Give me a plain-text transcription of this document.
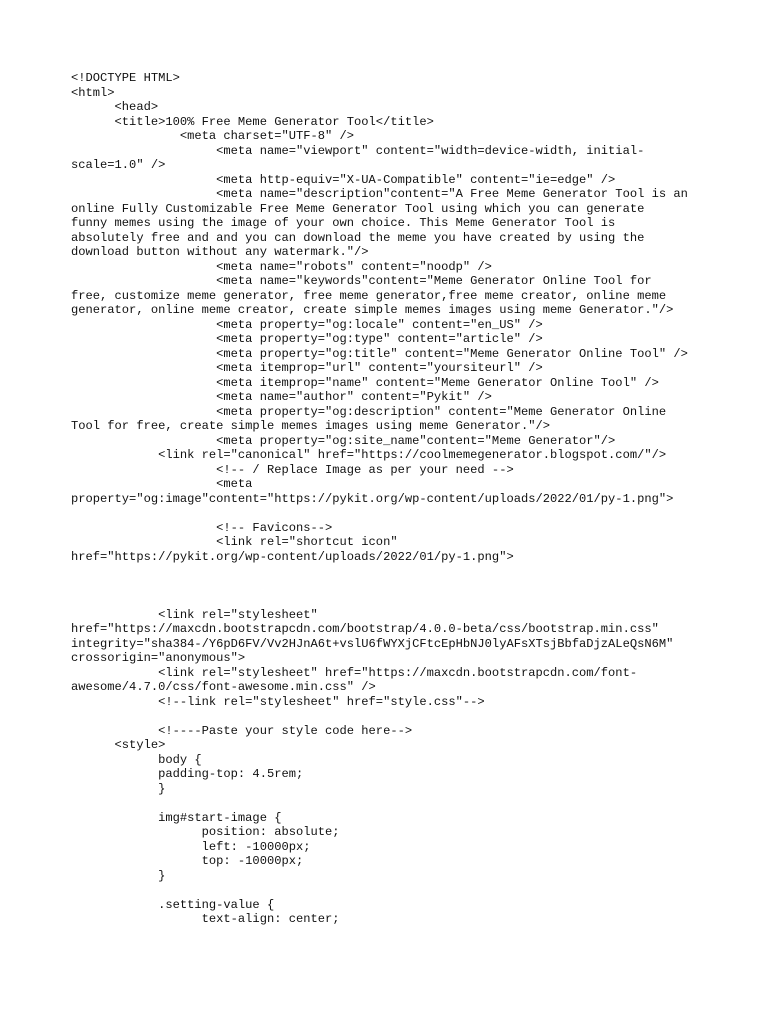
<!DOCTYPE HTML>
<html>
<head>
<title>100% Free Meme Generator Tool</title>
<meta charset="UTF-8" />
<meta name="viewport" content="width=device-width, initial-
scale=1.0" />
<meta http-equiv="X-UA-Compatible" content="ie=edge" />
<meta name="description"content="A Free Meme Generator Tool is an
online Fully Customizable Free Meme Generator Tool using which you can generate
funny memes using the image of your own choice. This Meme Generator Tool is
absolutely free and and you can download the meme you have created by using the
download button without any watermark."/>
<meta name="robots" content="noodp" />
<meta name="keywords"content="Meme Generator Online Tool for
free, customize meme generator, free meme generator,free meme creator, online meme
generator, online meme creator, create simple memes images using meme Generator."/>
<meta property="og:locale" content="en_US" />
<meta property="og:type" content="article" />
<meta property="og:title" content="Meme Generator Online Tool" />
<meta itemprop="url" content="yoursiteurl" />
<meta itemprop="name" content="Meme Generator Online Tool" />
<meta name="author" content="Pykit" />
<meta property="og:description" content="Meme Generator Online
Tool for free, create simple memes images using meme Generator."/>
<meta property="og:site_name"content="Meme Generator"/>
<link rel="canonical" href="https://coolmemegenerator.blogspot.com/"/>
<!-- / Replace Image as per your need -->
<meta
property="og:image"content="https://pykit.org/wp-content/uploads/2022/01/py-1.png">
<!-- Favicons-->
<link rel="shortcut icon"
href="https://pykit.org/wp-content/uploads/2022/01/py-1.png">
<link rel="stylesheet"
href="https://maxcdn.bootstrapcdn.com/bootstrap/4.0.0-beta/css/bootstrap.min.css"
integrity="sha384-/Y6pD6FV/Vv2HJnA6t+vslU6fWYXjCFtcEpHbNJ0lyAFsXTsjBbfaDjzALeQsN6M"
crossorigin="anonymous">
<link rel="stylesheet" href="https://maxcdn.bootstrapcdn.com/font-
awesome/4.7.0/css/font-awesome.min.css" />
<!--link rel="stylesheet" href="style.css"-->
<!----Paste your style code here-->
<style>
body {
padding-top: 4.5rem;
}
img#start-image {
position: absolute;
left: -10000px;
top: -10000px;
}
.setting-value {
text-align: center;
